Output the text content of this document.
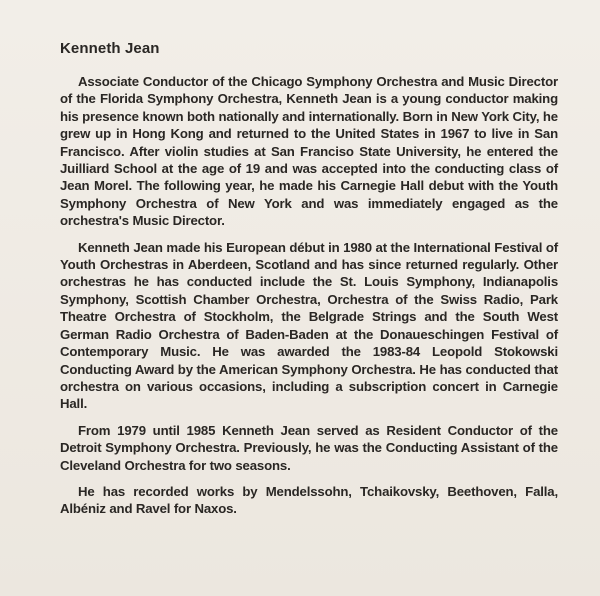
Kenneth Jean

Associate Conductor of the Chicago Symphony Orchestra and Music Director of the Florida Symphony Orchestra, Kenneth Jean is a young conductor making his presence known both nationally and internationally. Born in New York City, he grew up in Hong Kong and returned to the United States in 1967 to live in San Francisco. After violin studies at San Franciso State University, he entered the Juilliard School at the age of 19 and was accepted into the conducting class of Jean Morel. The following year, he made his Carnegie Hall debut with the Youth Symphony Orchestra of New York and was immediately engaged as the orchestra's Music Director.

Kenneth Jean made his European début in 1980 at the International Festival of Youth Orchestras in Aberdeen, Scotland and has since returned regularly. Other orchestras he has conducted include the St. Louis Symphony, Indianapolis Symphony, Scottish Chamber Orchestra, Orchestra of the Swiss Radio, Park Theatre Orchestra of Stockholm, the Belgrade Strings and the South West German Radio Orchestra of Baden-Baden at the Donaueschingen Festival of Contemporary Music. He was awarded the 1983-84 Leopold Stokowski Conducting Award by the American Symphony Orchestra. He has conducted that orchestra on various occasions, including a subscription concert in Carnegie Hall.

From 1979 until 1985 Kenneth Jean served as Resident Conductor of the Detroit Symphony Orchestra. Previously, he was the Conducting Assistant of the Cleveland Orchestra for two seasons.

He has recorded works by Mendelssohn, Tchaikovsky, Beethoven, Falla, Albéniz and Ravel for Naxos.
